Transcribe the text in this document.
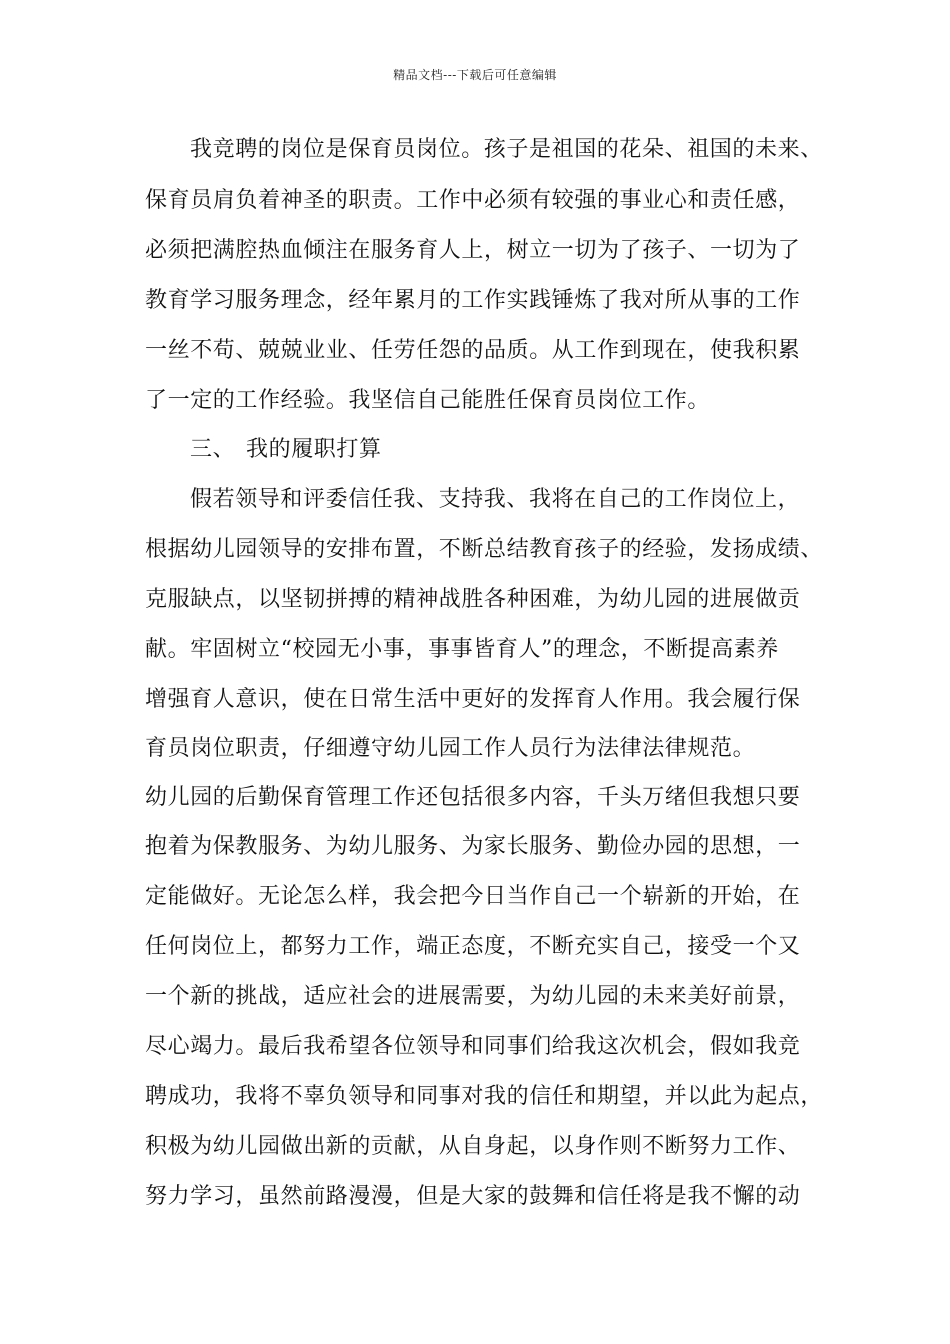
精品文档---下载后可任意编辑
我竞聘的岗位是保育员岗位。孩子是祖国的花朵、祖国的未来、
保育员肩负着神圣的职责。工作中必须有较强的事业心和责任感，
必须把满腔热血倾注在服务育人上，树立一切为了孩子、一切为了
教育学习服务理念，经年累月的工作实践锤炼了我对所从事的工作
一丝不苟、兢兢业业、任劳任怨的品质。从工作到现在，使我积累
了一定的工作经验。我坚信自己能胜任保育员岗位工作。
三、 我的履职打算
假若领导和评委信任我、支持我、我将在自己的工作岗位上，
根据幼儿园领导的安排布置，不断总结教育孩子的经验，发扬成绩、
克服缺点，以坚韧拼搏的精神战胜各种困难，为幼儿园的进展做贡
献。牢固树立“校园无小事，事事皆育人”的理念，不断提高素养
增强育人意识，使在日常生活中更好的发挥育人作用。我会履行保
育员岗位职责，仔细遵守幼儿园工作人员行为法律法律规范。
幼儿园的后勤保育管理工作还包括很多内容，千头万绪但我想只要
抱着为保教服务、为幼儿服务、为家长服务、勤俭办园的思想，一
定能做好。无论怎么样，我会把今日当作自己一个崭新的开始，在
任何岗位上，都努力工作，端正态度，不断充实自己，接受一个又
一个新的挑战，适应社会的进展需要，为幼儿园的未来美好前景，
尽心竭力。最后我希望各位领导和同事们给我这次机会，假如我竞
聘成功，我将不辜负领导和同事对我的信任和期望，并以此为起点，
积极为幼儿园做出新的贡献，从自身起，以身作则不断努力工作、
努力学习，虽然前路漫漫，但是大家的鼓舞和信任将是我不懈的动
